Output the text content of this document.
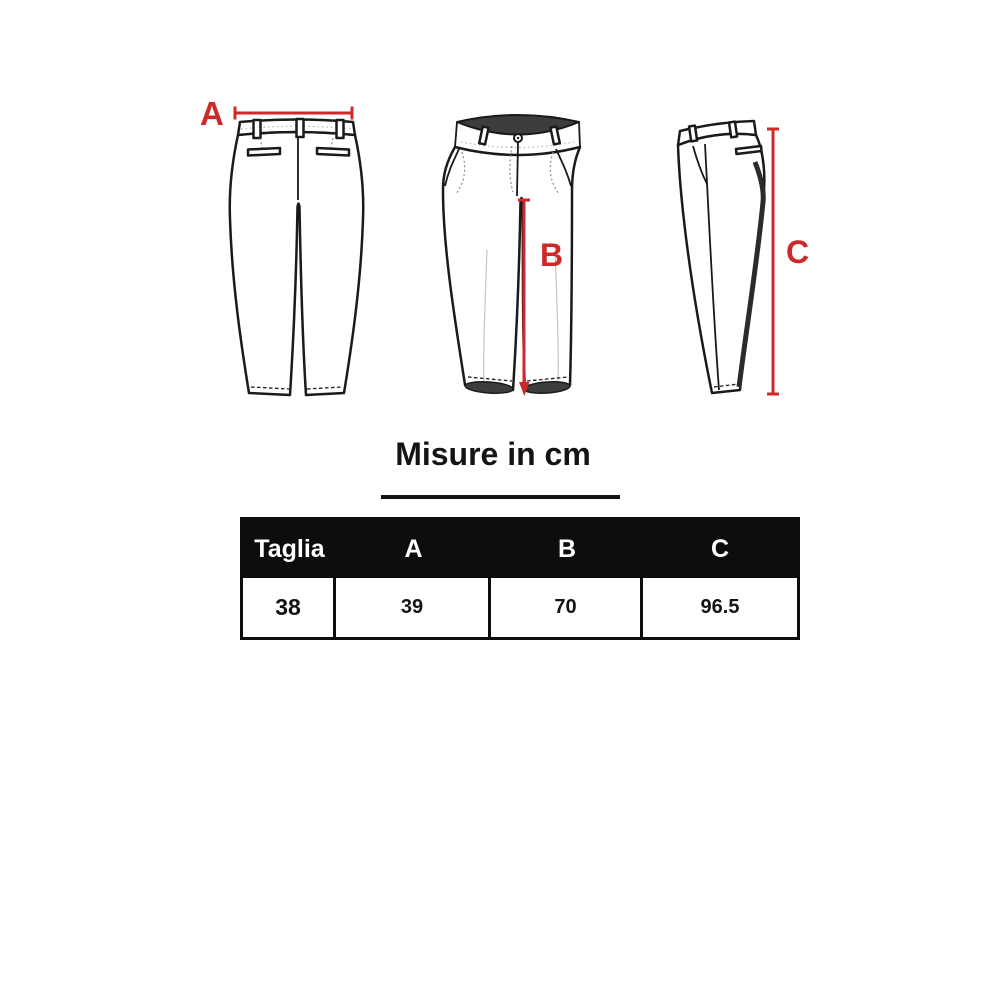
A
B	C
Misure in cm
Taglia	A	B	C
38	39	70	96.5
